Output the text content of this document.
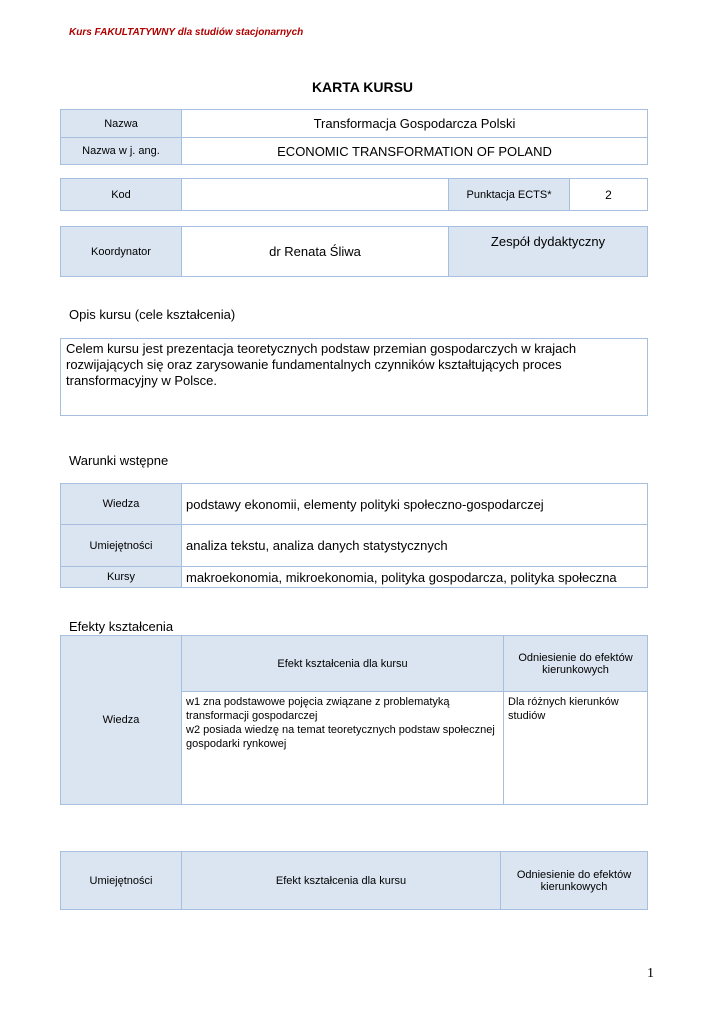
Kurs FAKULTATYWNY dla studiów stacjonarnych
KARTA KURSU
Nazwa	Transformacja Gospodarcza Polski
Nazwa w j. ang.	ECONOMIC TRANSFORMATION OF POLAND
Kod		Punktacja ECTS*	2
Koordynator	dr Renata Śliwa	Zespół dydaktyczny
Opis kursu (cele kształcenia)
Celem kursu jest prezentacja teoretycznych podstaw przemian gospodarczych w krajach rozwijających się oraz zarysowanie fundamentalnych czynników kształtujących proces transformacyjny w Polsce.
Warunki wstępne
Wiedza	podstawy ekonomii, elementy polityki społeczno-gospodarczej
Umiejętności	analiza tekstu, analiza danych statystycznych
Kursy	makroekonomia, mikroekonomia, polityka gospodarcza, polityka społeczna
Efekty kształcenia
Wiedza	Efekt kształcenia dla kursu	Odniesienie do efektów kierunkowych

	w1 zna podstawowe pojęcia związane z problematyką transformacji gospodarczej
w2 posiada wiedzę na temat teoretycznych podstaw społecznej gospodarki rynkowej	Dla różnych kierunków studiów
Umiejętności	Efekt kształcenia dla kursu	Odniesienie do efektów kierunkowych
1
